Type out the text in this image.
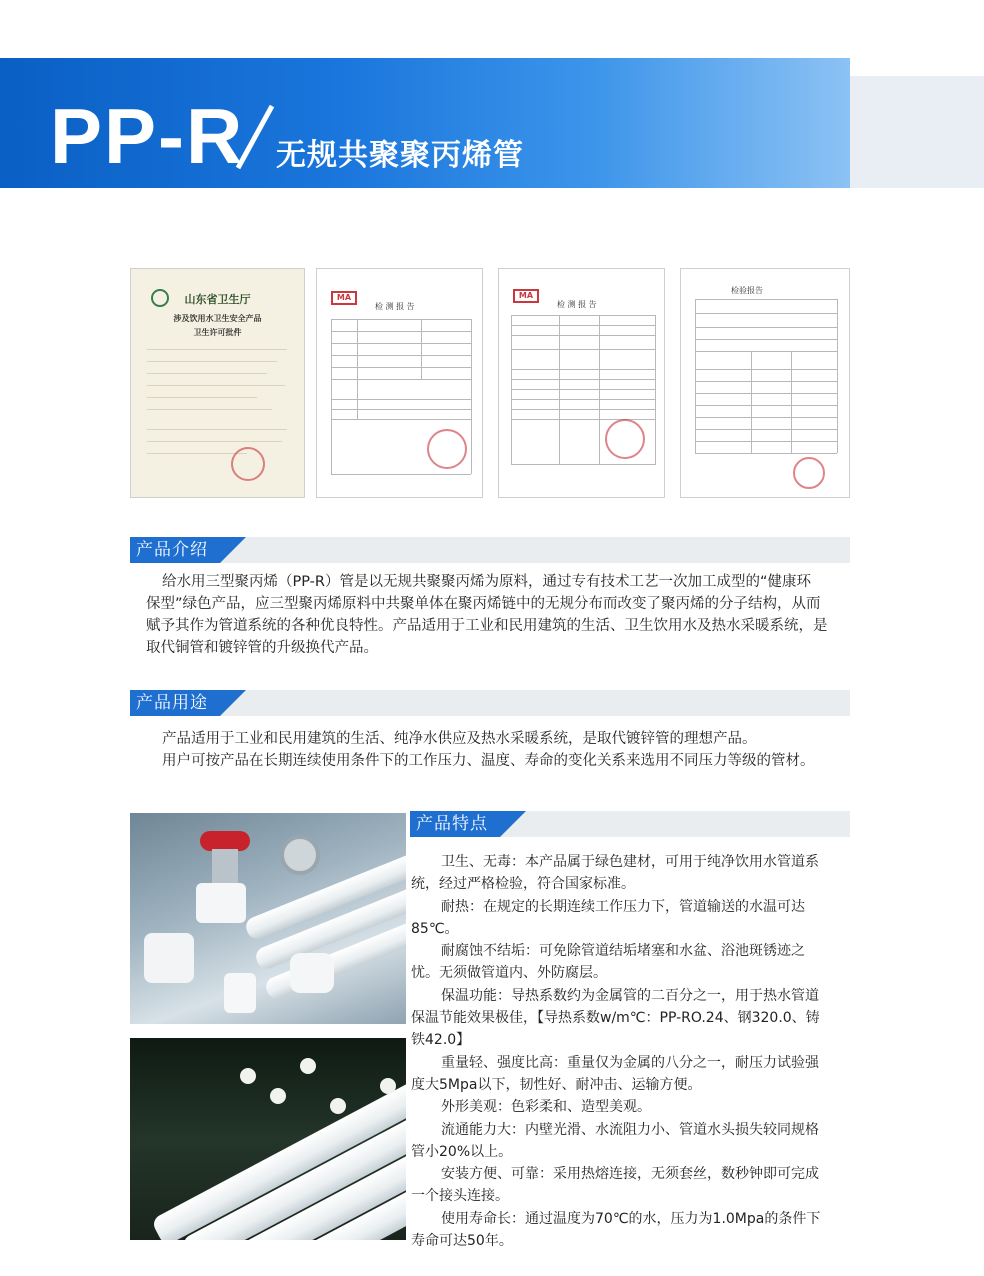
PP-R 无规共聚聚丙烯管
山东省卫生厅
涉及饮用水卫生安全产品
卫生许可批件
MA
检 测 报 告
MA
检 测 报 告
检验报告
产品介绍
给水用三型聚丙烯（PP-R）管是以无规共聚聚丙烯为原料，通过专有技术工艺一次加工成型的“健康环
保型”绿色产品，应三型聚丙烯原料中共聚单体在聚丙烯链中的无规分布而改变了聚丙烯的分子结构，从而
赋予其作为管道系统的各种优良特性。产品适用于工业和民用建筑的生活、卫生饮用水及热水采暖系统，是
取代铜管和镀锌管的升级换代产品。
产品用途
产品适用于工业和民用建筑的生活、纯净水供应及热水采暖系统，是取代镀锌管的理想产品。
用户可按产品在长期连续使用条件下的工作压力、温度、寿命的变化关系来选用不同压力等级的管材。
产品特点
卫生、无毒：本产品属于绿色建材，可用于纯净饮用水管道系
统，经过严格检验，符合国家标准。
耐热：在规定的长期连续工作压力下，管道输送的水温可达
85℃。
耐腐蚀不结垢：可免除管道结垢堵塞和水盆、浴池斑锈迹之
忧。无须做管道内、外防腐层。
保温功能：导热系数约为金属管的二百分之一，用于热水管道
保温节能效果极佳，【导热系数w/m℃：PP-RO.24、钢320.0、铸
铁42.0】
重量轻、强度比高：重量仅为金属的八分之一，耐压力试验强
度大5Mpa以下，韧性好、耐冲击、运输方便。
外形美观：色彩柔和、造型美观。
流通能力大：内壁光滑、水流阻力小、管道水头损失较同规格
管小20%以上。
安装方便、可靠：采用热熔连接，无须套丝，数秒钟即可完成
一个接头连接。
使用寿命长：通过温度为70℃的水，压力为1.0Mpa的条件下
寿命可达50年。
